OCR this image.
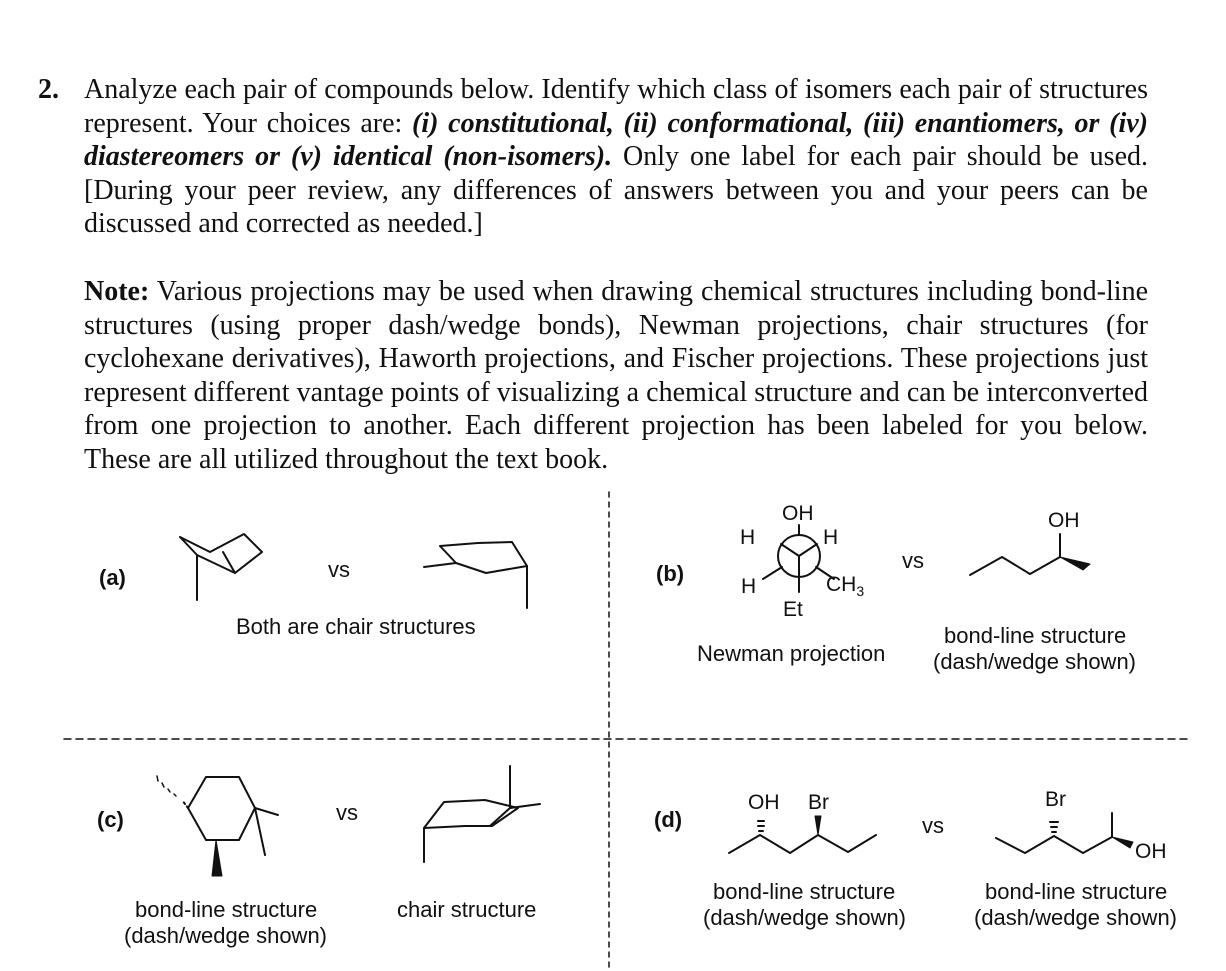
2. Analyze each pair of compounds below. Identify which class of isomers each pair of structures represent. Your choices are: (i) constitutional, (ii) conformational, (iii) enantiomers, or (iv) diastereomers or (v) identical (non-isomers). Only one label for each pair should be used. [During your peer review, any differences of answers between you and your peers can be discussed and corrected as needed.]
Note: Various projections may be used when drawing chemical structures including bond-line structures (using proper dash/wedge bonds), Newman projections, chair structures (for cyclohexane derivatives), Haworth projections, and Fischer projections. These projections just represent different vantage points of visualizing a chemical structure and can be interconverted from one projection to another. Each different projection has been labeled for you below. These are all utilized throughout the text book.
(a)	vs
Both are chair structures
(b)
OH
H	H
H	$CH_3$
Et
vs
OH
Newman projection
bond-line structure
(dash/wedge shown)
(c)	vs
bond-line structure
(dash/wedge shown)
chair structure
(d)
OH Br
vs
Br
OH
bond-line structure
(dash/wedge shown)
bond-line structure
(dash/wedge shown)
